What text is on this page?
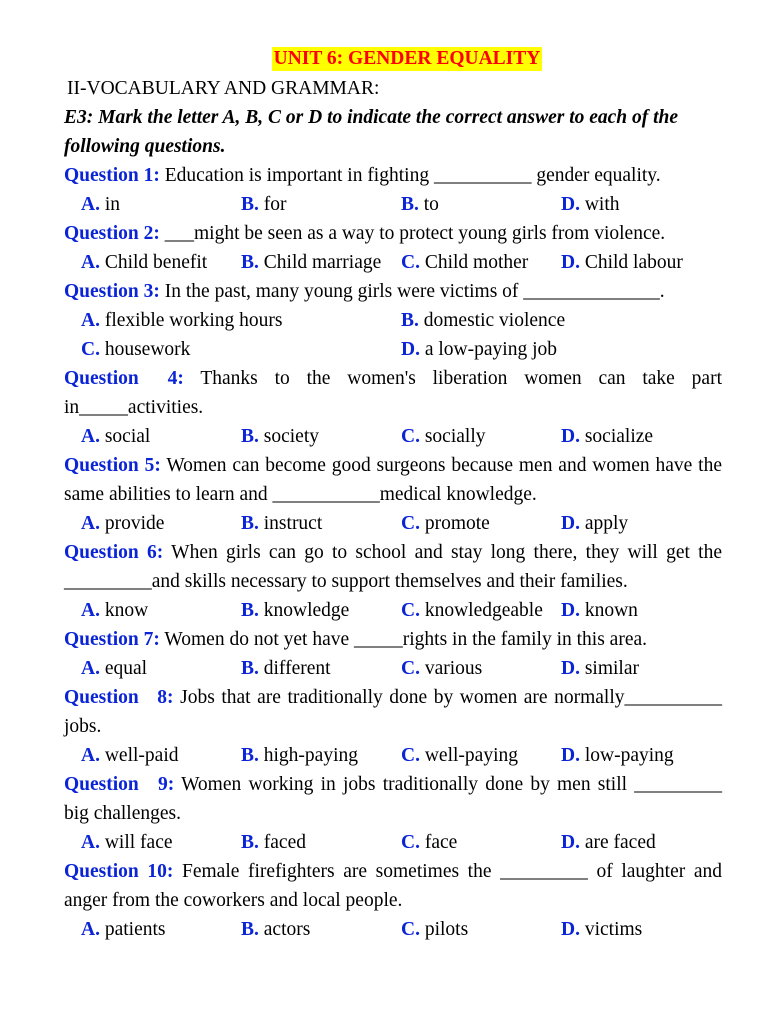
UNIT 6: GENDER EQUALITY
II-VOCABULARY AND GRAMMAR:
E3: Mark the letter A, B, C or D to indicate the correct answer to each of the following questions.
Question 1: Education is important in fighting __________ gender equality.
A. in	B. for	B. to	D. with
Question 2: ___might be seen as a way to protect young girls from violence.
A. Child benefit	B. Child marriage	C. Child mother	D. Child labour
Question 3: In the past, many young girls were victims of ______________.
A. flexible working hours	B. domestic violence
C. housework	D. a low-paying job
Question 4: Thanks to the women's liberation women can take part in_____activities.
A. social	B. society	C. socially	D. socialize
Question 5: Women can become good surgeons because men and women have the same abilities to learn and ___________medical knowledge.
A. provide	B. instruct	C. promote	D. apply
Question 6: When girls can go to school and stay long there, they will get the _________and skills necessary to support themselves and their families.
A. know	B. knowledge	C. knowledgeable D. known
Question 7: Women do not yet have _____rights in the family in this area.
A. equal	B. different	C. various	D. similar
Question 8: Jobs that are traditionally done by women are normally__________ jobs.
A. well-paid	B. high-paying	C. well-paying	D. low-paying
Question 9: Women working in jobs traditionally done by men still _________ big challenges.
A. will face	B. faced	C. face	D. are faced
Question 10: Female firefighters are sometimes the _________ of laughter and anger from the coworkers and local people.
A. patients	B. actors	C. pilots	D. victims
